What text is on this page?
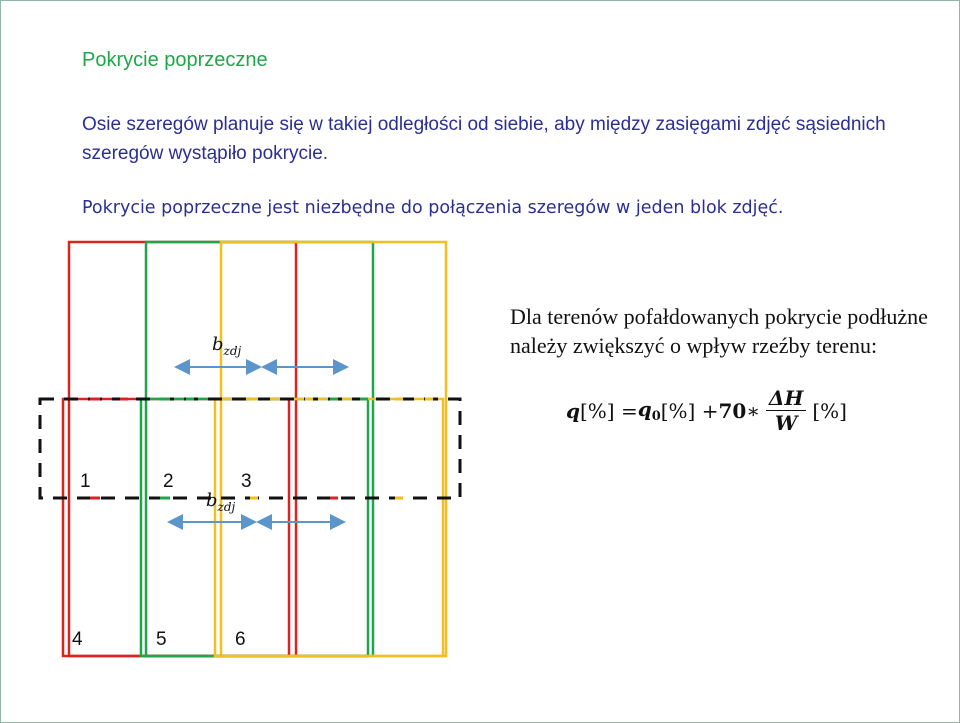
Pokrycie poprzeczne
Osie szeregów planuje się w takiej odległości od siebie, aby między zasięgami zdjęć sąsiednich szeregów wystąpiło pokrycie.
Pokrycie poprzeczne jest niezbędne do połączenia szeregów w jeden blok zdjęć.
$b_{zdj}$
$b_{zdj}$
1	2	3
4	5	6
Dla terenów pofałdowanych pokrycie podłużne należy zwiększyć o wpływ rzeźby terenu:
q [%] = $q_0$ [%] + 70 ∗ $\frac{\Delta H}{W}$ [%]
